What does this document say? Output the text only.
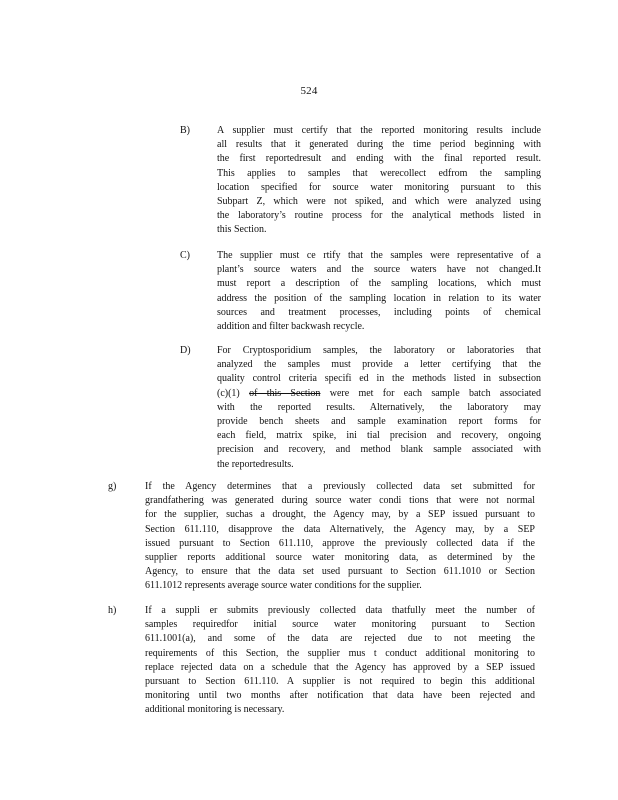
524
B)	A supplier must certify that the reported monitoring results include
all results that it generated during the time period beginning with
the first reportedresult and ending with the final reported result.
This applies to samples that werecollect edfrom the sampling
location specified for source water monitoring pursuant to this
Subpart Z, which were not spiked, and which were analyzed using
the laboratory’s routine process for the analytical methods listed in
this Section.
C)	The supplier must ce rtify that the samples were representative of a
plant’s source waters and the source waters have not changed.It
must report a description of the sampling locations, which must
address the position of the sampling location in relation to its water
sources and treatment processes, including points of chemical
addition and filter backwash recycle.
D)	For Cryptosporidium samples, the laboratory or laboratories that
analyzed the samples must provide a letter certifying that the
quality control criteria specifi ed in the methods listed in subsection
(c)(1) of this Section were met for each sample batch associated
with the reported results. Alternatively, the laboratory may
provide bench sheets and sample examination report forms for
each field, matrix spike, ini tial precision and recovery, ongoing
precision and recovery, and method blank sample associated with
the reportedresults.
g)	If the Agency determines that a previously collected data set submitted for
grandfathering was generated during source water condi tions that were not normal
for the supplier, suchas a drought, the Agency may, by a SEP issued pursuant to
Section 611.110, disapprove the data Alternatively, the Agency may, by a SEP
issued pursuant to Section 611.110, approve the previously collected data if the
supplier reports additional source water monitoring data, as determined by the
Agency, to ensure that the data set used pursuant to Section 611.1010 or Section
611.1012 represents average source water conditions for the supplier.
h)	If a suppli er submits previously collected data thatfully meet the number of
samples requiredfor initial source water monitoring pursuant to Section
611.1001(a), and some of the data are rejected due to not meeting the
requirements of this Section, the supplier mus t conduct additional monitoring to
replace rejected data on a schedule that the Agency has approved by a SEP issued
pursuant to Section 611.110. A supplier is not required to begin this additional
monitoring until two months after notification that data have been rejected and
additional monitoring is necessary.
